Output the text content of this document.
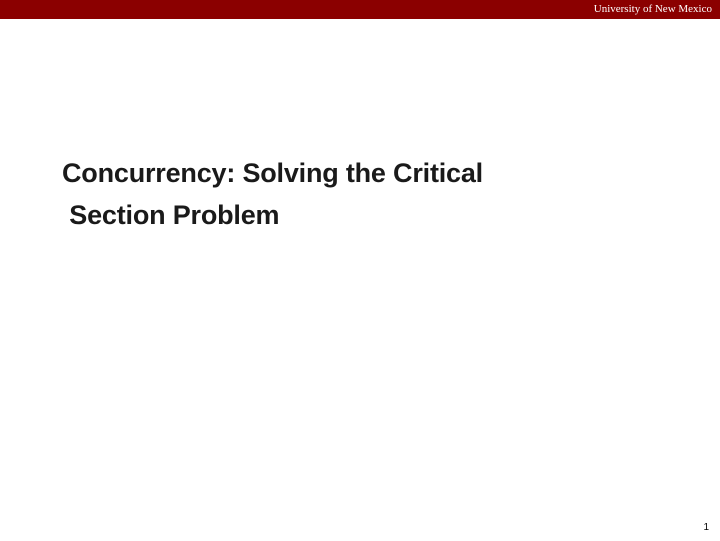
University of New Mexico
Concurrency: Solving the Critical
Section Problem
1
